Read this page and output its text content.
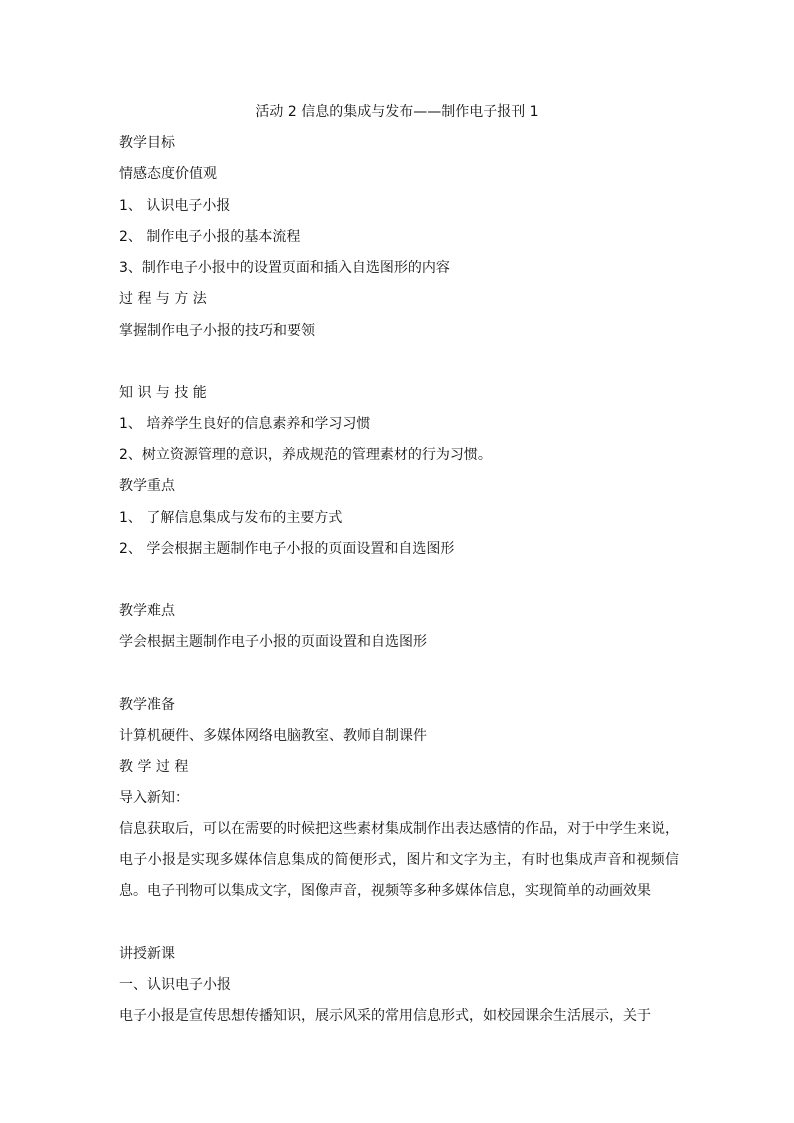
活动 2 信息的集成与发布——制作电子报刊 1
教学目标
情感态度价值观
1、 认识电子小报
2、 制作电子小报的基本流程
3、制作电子小报中的设置页面和插入自选图形的内容
过 程 与 方 法
掌握制作电子小报的技巧和要领
知 识 与 技 能
1、 培养学生良好的信息素养和学习习惯
2、树立资源管理的意识，养成规范的管理素材的行为习惯。
教学重点
1、 了解信息集成与发布的主要方式
2、 学会根据主题制作电子小报的页面设置和自选图形
教学难点
学会根据主题制作电子小报的页面设置和自选图形
教学准备
计算机硬件、多媒体网络电脑教室、教师自制课件
教 学 过 程
导入新知：
信息获取后，可以在需要的时候把这些素材集成制作出表达感情的作品，对于中学生来说，电子小报是实现多媒体信息集成的简便形式，图片和文字为主，有时也集成声音和视频信息。电子刊物可以集成文字，图像声音，视频等多种多媒体信息，实现简单的动画效果
讲授新课
一、认识电子小报
电子小报是宣传思想传播知识，展示风采的常用信息形式，如校园课余生活展示，关于
